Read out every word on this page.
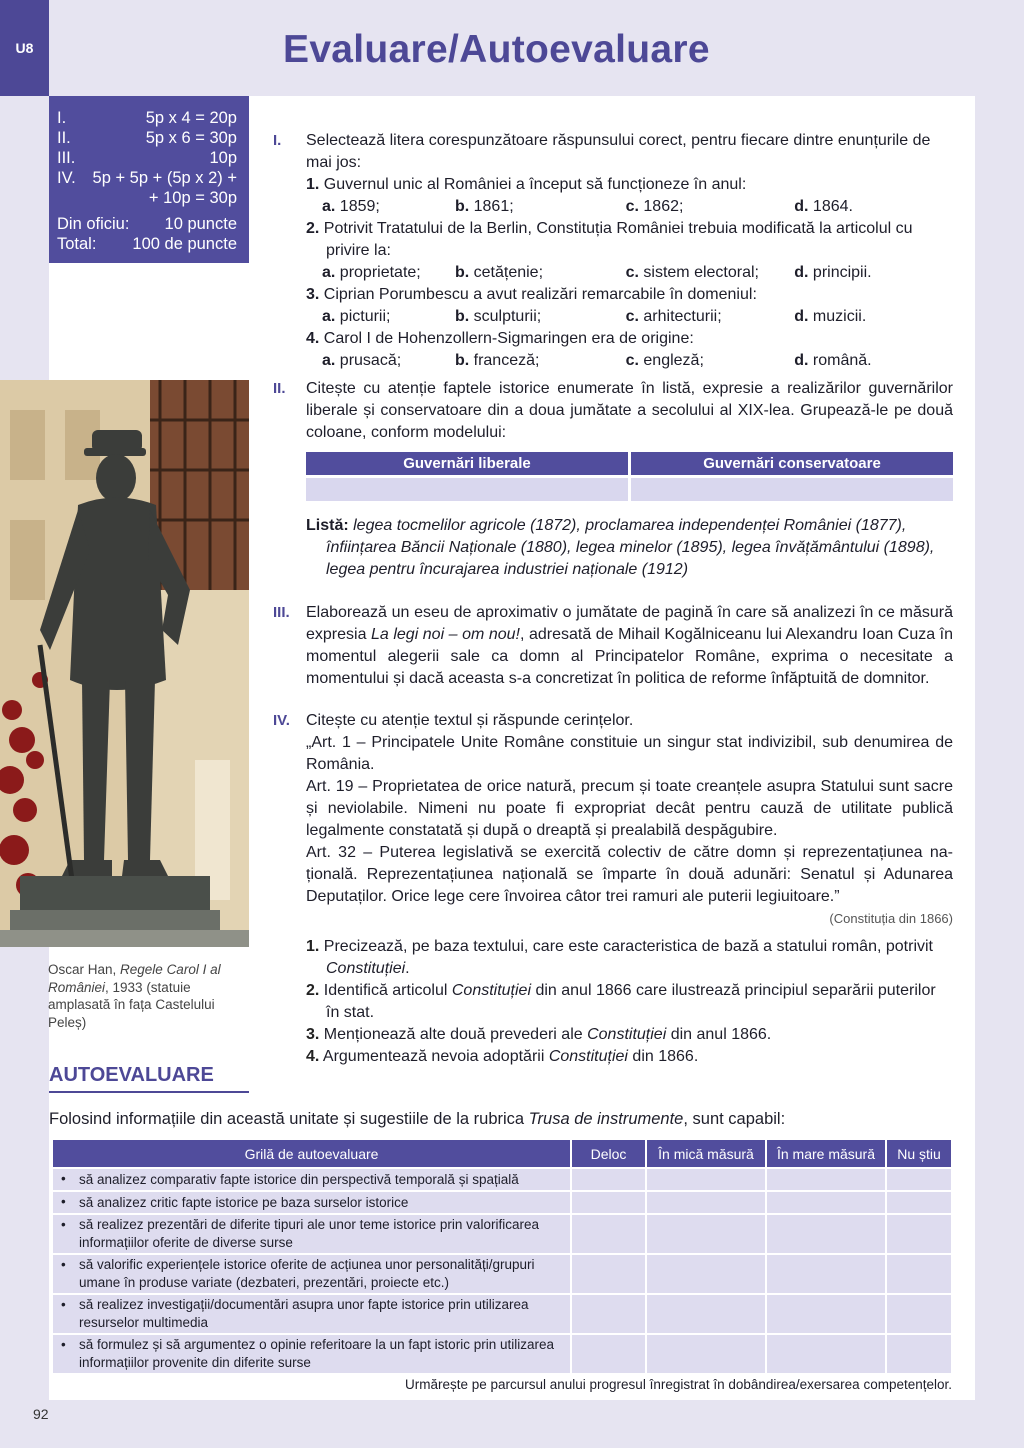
U8	Evaluare/Autoevaluare
I.	5p x 4 = 20p
II.	5p x 6 = 30p
III.	10p
IV. 5p + 5p + (5p x 2) +
+ 10p = 30p
Din oficiu: 10 puncte
Total: 100 de puncte
Oscar Han, Regele Carol I al României, 1933 (statuie amplasată în fața Castelului Peleș)
AUTOEVALUARE
I. Selectează litera corespunzătoare răspunsului corect, pentru fiecare dintre enunțurile de mai jos:
1. Guvernul unic al României a început să funcționeze în anul:
a. 1859;	b. 1861;	c. 1862;	d. 1864.
2. Potrivit Tratatului de la Berlin, Constituția României trebuia modificată la articolul cu privire la:
a. proprietate;	b. cetățenie;	c. sistem electoral;	d. principii.
3. Ciprian Porumbescu a avut realizări remarcabile în domeniul:
a. picturii;	b. sculpturii;	c. arhitecturii;	d. muzicii.
4. Carol I de Hohenzollern-Sigmaringen era de origine:
a. prusacă;	b. franceză;	c. engleză;	d. română.
II. Citește cu atenție faptele istorice enumerate în listă, expresie a realizărilor guvernărilor liberale și conservatoare din a doua jumătate a secolului al XIX-lea. Grupează-le pe două coloane, conform modelului:
Guvernări liberale	Guvernări conservatoare
Listă: legea tocmelilor agricole (1872), proclamarea independenței României (1877), înființarea Băncii Naționale (1880), legea minelor (1895), legea învățământului (1898), legea pentru încurajarea industriei naționale (1912)
III. Elaborează un eseu de aproximativ o jumătate de pagină în care să analizezi în ce măsură expresia La legi noi – om nou!, adresată de Mihail Kogălniceanu lui Alexandru Ioan Cuza în momentul alegerii sale ca domn al Principatelor Române, exprima o necesitate a momentului și dacă aceasta s-a concretizat în politica de reforme înfăptuită de domnitor.
IV. Citește cu atenție textul și răspunde cerințelor.
„Art. 1 – Principatele Unite Române constituie un singur stat indivizibil, sub denumirea de România.
Art. 19 – Proprietatea de orice natură, precum și toate creanțele asupra Statului sunt sacre și neviolabile. Nimeni nu poate fi expropriat decât pentru cauză de utilitate publică legalmente constatată și după o dreaptă și prealabilă despăgubire.
Art. 32 – Puterea legislativă se exercită colectiv de către domn și reprezentațiunea națională. Reprezentațiunea națională se împarte în două adunări: Senatul și Adunarea Deputaților. Orice lege cere învoirea câtor trei ramuri ale puterii legiuitoare.”
(Constituția din 1866)
1. Precizează, pe baza textului, care este caracteristica de bază a statului român, potrivit Constituției.
2. Identifică articolul Constituției din anul 1866 care ilustrează principiul separării puterilor în stat.
3. Menționează alte două prevederi ale Constituției din anul 1866.
4. Argumentează nevoia adoptării Constituției din 1866.
Folosind informațiile din această unitate și sugestiile de la rubrica Trusa de instrumente, sunt capabil:
Grilă de autoevaluare	Deloc	În mică măsură	În mare măsură	Nu știu
• să analizez comparativ fapte istorice din perspectivă temporală și spațială				
• să analizez critic fapte istorice pe baza surselor istorice				
• să realizez prezentări de diferite tipuri ale unor teme istorice prin valorificarea informațiilor oferite de diverse surse				
• să valorific experiențele istorice oferite de acțiunea unor personalități/grupuri umane în produse variate (dezbateri, prezentări, proiecte etc.)				
• să realizez investigații/documentări asupra unor fapte istorice prin utilizarea resurselor multimedia				
• să formulez și să argumentez o opinie referitoare la un fapt istoric prin utilizarea informațiilor provenite din diferite surse				
Urmărește pe parcursul anului progresul înregistrat în dobândirea/exersarea competențelor.
92
